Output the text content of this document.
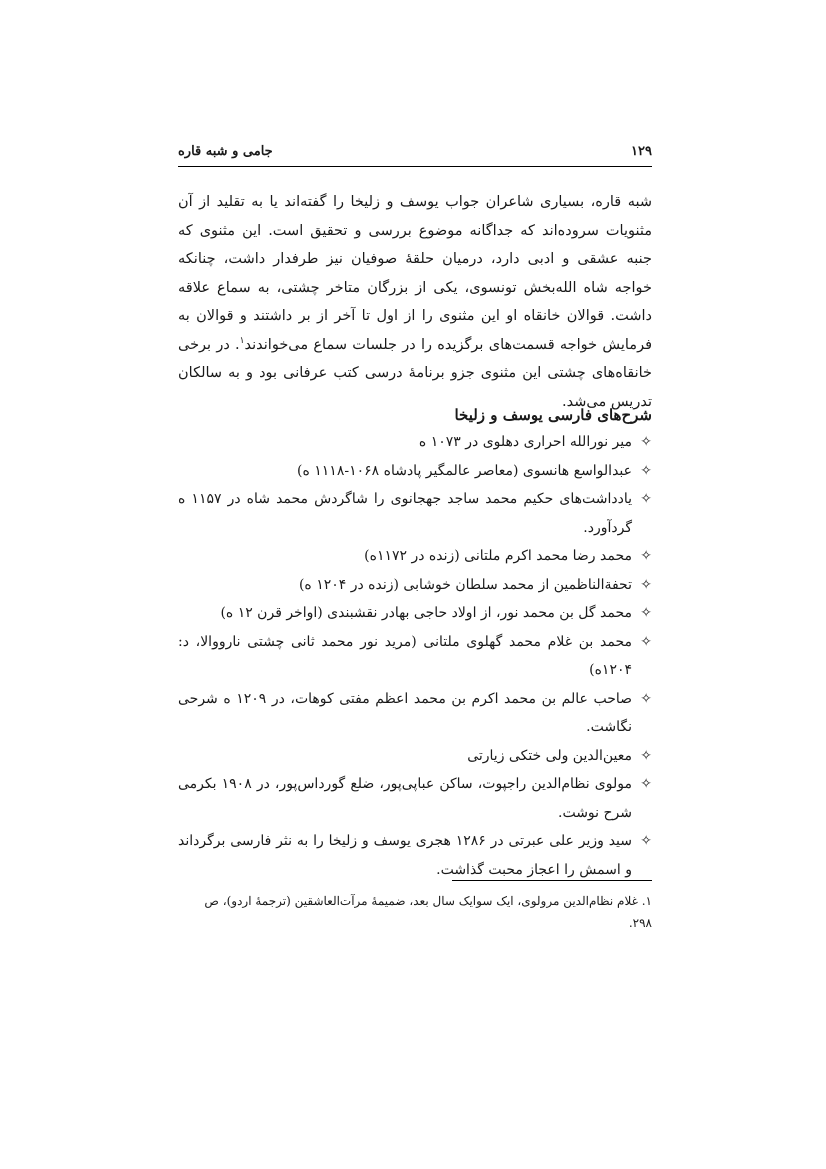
۱۲۹
جامی و شبه قاره

شبه قاره، بسیاری شاعران جواب یوسف و زلیخا را گفته‌اند یا به تقلید از آن مثنویات سروده‌اند که جداگانه موضوع بررسی و تحقیق است. این مثنوی که جنبه عشقی و ادبی دارد، درمیان حلقهٔ صوفیان نیز طرفدار داشت، چنانکه خواجه شاه الله‌بخش تونسوی، یکی از بزرگان متاخر چشتی، به سماع علاقه داشت. قوالان خانقاه او این مثنوی را از اول تا آخر از بر داشتند و قوالان به فرمایش خواجه قسمت‌های برگزیده را در جلسات سماع می‌خواندند$^۱$. در برخی خانقاه‌های چشتی این مثنوی جزو برنامهٔ درسی کتب عرفانی بود و به سالکان تدریس می‌شد.

شرح‌های فارسی یوسف و زلیخا
✧
میر نورالله احراری دهلوی در ۱۰۷۳ ه
✧
عبدالواسع هانسوی (معاصر عالمگیر پادشاه ۱۰۶۸-۱۱۱۸ ه)
✧
یادداشت‌های حکیم محمد ساجد جهجانوی را شاگردش محمد شاه در ۱۱۵۷ ه گردآورد.
✧
محمد رضا محمد اکرم ملتانی (زنده در ۱۱۷۲ه)
✧
تحفةالناظمین از محمد سلطان خوشابی (زنده در ۱۲۰۴ ه)
✧
محمد گل بن محمد نور، از اولاد حاجی بهادر نقشبندی (اواخر قرن ۱۲ ه)
✧
محمد بن غلام محمد گهلوی ملتانی (مرید نور محمد ثانی چشتی نارووالا، د: ۱۲۰۴ه)
✧
صاحب عالم بن محمد اکرم بن محمد اعظم مفتی کوهات، در ۱۲۰۹ ه شرحی نگاشت.
✧
معین‌الدین ولی ختکی زیارتی
✧
مولوی نظام‌الدین راجپوت، ساکن عباپی‌پور، ضلع گورداس‌پور، در ۱۹۰۸ بکرمی شرح نوشت.
✧
سید وزیر علی عبرتی در ۱۲۸۶ هجری یوسف و زلیخا را به نثر فارسی برگرداند و اسمش را اعجاز محبت گذاشت.
۱. غلام نظام‌الدین مرولوی، ایک سوایک سال بعد، ضمیمهٔ مرآت‌العاشقین (ترجمهٔ اردو)، ص ۲۹۸.
